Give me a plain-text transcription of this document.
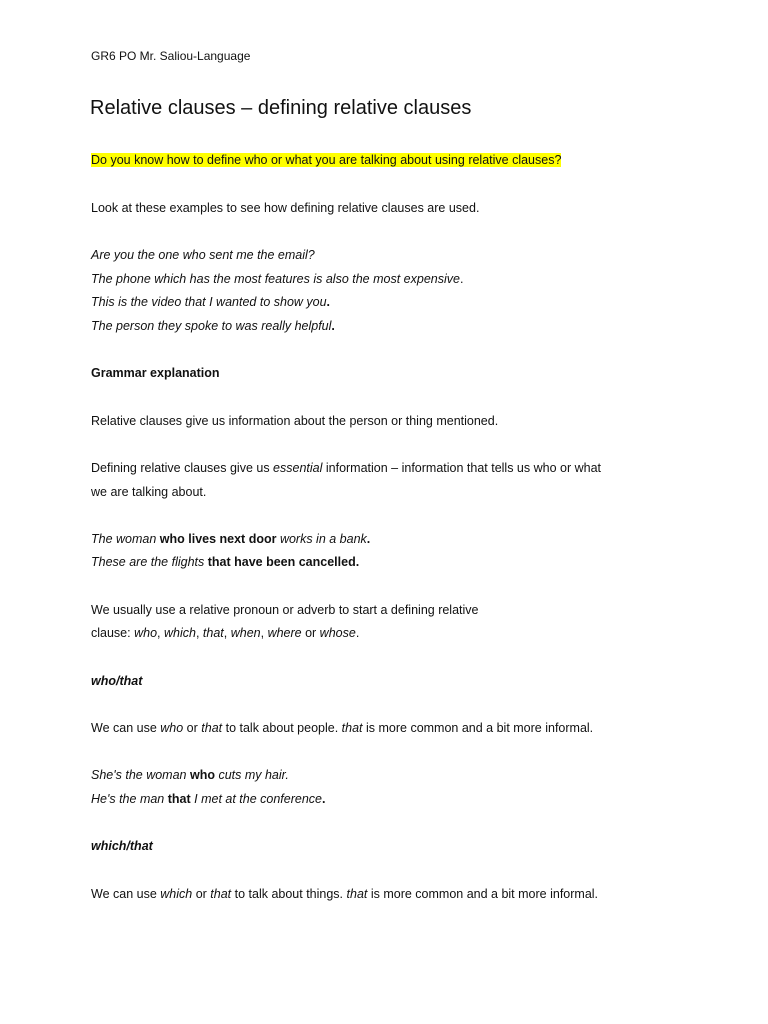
GR6 PO Mr. Saliou-Language
Relative clauses – defining relative clauses
Do you know how to define who or what you are talking about using relative clauses?
Look at these examples to see how defining relative clauses are used.
Are you the one who sent me the email?
The phone which has the most features is also the most expensive.
This is the video that I wanted to show you.
The person they spoke to was really helpful.
Grammar explanation
Relative clauses give us information about the person or thing mentioned.
Defining relative clauses give us essential information – information that tells us who or what
we are talking about.
The woman who lives next door works in a bank.
These are the flights that have been cancelled.
We usually use a relative pronoun or adverb to start a defining relative
clause: who, which, that, when, where or whose.
who/that
We can use who or that to talk about people. that is more common and a bit more informal.
She's the woman who cuts my hair.
He's the man that I met at the conference.
which/that
We can use which or that to talk about things. that is more common and a bit more informal.
